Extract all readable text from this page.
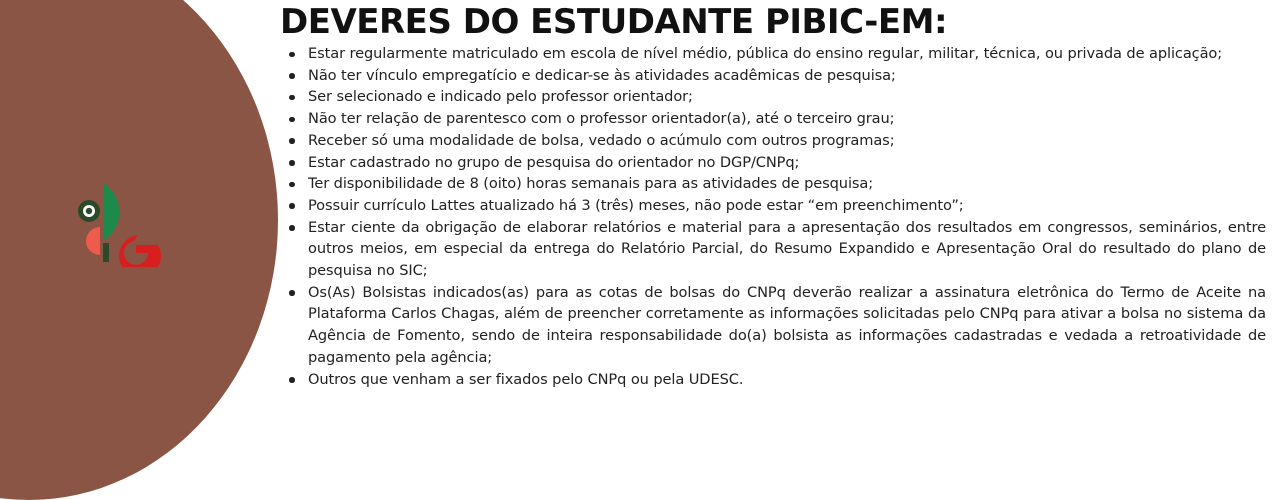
DEVERES DO ESTUDANTE PIBIC-EM:
Estar regularmente matriculado em escola de nível médio, pública do ensino regular, militar, técnica, ou privada de aplicação;
Não ter vínculo empregatício e dedicar-se às atividades acadêmicas de pesquisa;
Ser selecionado e indicado pelo professor orientador;
Não ter relação de parentesco com o professor orientador(a), até o terceiro grau;
Receber só uma modalidade de bolsa, vedado o acúmulo com outros programas;
Estar cadastrado no grupo de pesquisa do orientador no DGP/CNPq;
Ter disponibilidade de 8 (oito) horas semanais para as atividades de pesquisa;
Possuir currículo Lattes atualizado há 3 (três) meses, não pode estar “em preenchimento”;
Estar ciente da obrigação de elaborar relatórios e material para a apresentação dos resultados em congressos, seminários, entre outros meios, em especial da entrega do Relatório Parcial, do Resumo Expandido e Apresentação Oral do resultado do plano de pesquisa no SIC;
Os(As) Bolsistas indicados(as) para as cotas de bolsas do CNPq deverão realizar a assinatura eletrônica do Termo de Aceite na Plataforma Carlos Chagas, além de preencher corretamente as informações solicitadas pelo CNPq para ativar a bolsa no sistema da Agência de Fomento, sendo de inteira responsabilidade do(a) bolsista as informações cadastradas e vedada a retroatividade de pagamento pela agência;
Outros que venham a ser fixados pelo CNPq ou pela UDESC.
